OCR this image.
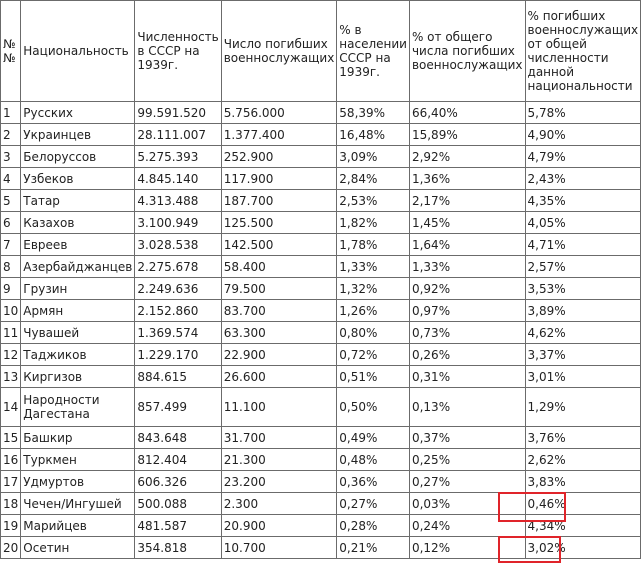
№ №	Национальность	Численность в СССР на 1939г.	Число погибших военнослужащих	% в населении СССР на 1939г.	% от общего числа погибших военнослужащих	% погибших военнослужащих от общей численности данной национальности
1	Русских	99.591.520	5.756.000	58,39%	66,40%	5,78%
2	Украинцев	28.111.007	1.377.400	16,48%	15,89%	4,90%
3	Белоруссов	5.275.393	252.900	3,09%	2,92%	4,79%
4	Узбеков	4.845.140	117.900	2,84%	1,36%	2,43%
5	Татар	4.313.488	187.700	2,53%	2,17%	4,35%
6	Казахов	3.100.949	125.500	1,82%	1,45%	4,05%
7	Евреев	3.028.538	142.500	1,78%	1,64%	4,71%
8	Азербайджанцев	2.275.678	58.400	1,33%	1,33%	2,57%
9	Грузин	2.249.636	79.500	1,32%	0,92%	3,53%
10	Армян	2.152.860	83.700	1,26%	0,97%	3,89%
11	Чувашей	1.369.574	63.300	0,80%	0,73%	4,62%
12	Таджиков	1.229.170	22.900	0,72%	0,26%	3,37%
13	Киргизов	884.615	26.600	0,51%	0,31%	3,01%
14	Народности Дагестана	857.499	11.100	0,50%	0,13%	1,29%
15	Башкир	843.648	31.700	0,49%	0,37%	3,76%
16	Туркмен	812.404	21.300	0,48%	0,25%	2,62%
17	Удмуртов	606.326	23.200	0,36%	0,27%	3,83%
18	Чечен/Ингушей	500.088	2.300	0,27%	0,03%	0,46%
19	Марийцев	481.587	20.900	0,28%	0,24%	4,34%
20	Осетин	354.818	10.700	0,21%	0,12%	3,02%
